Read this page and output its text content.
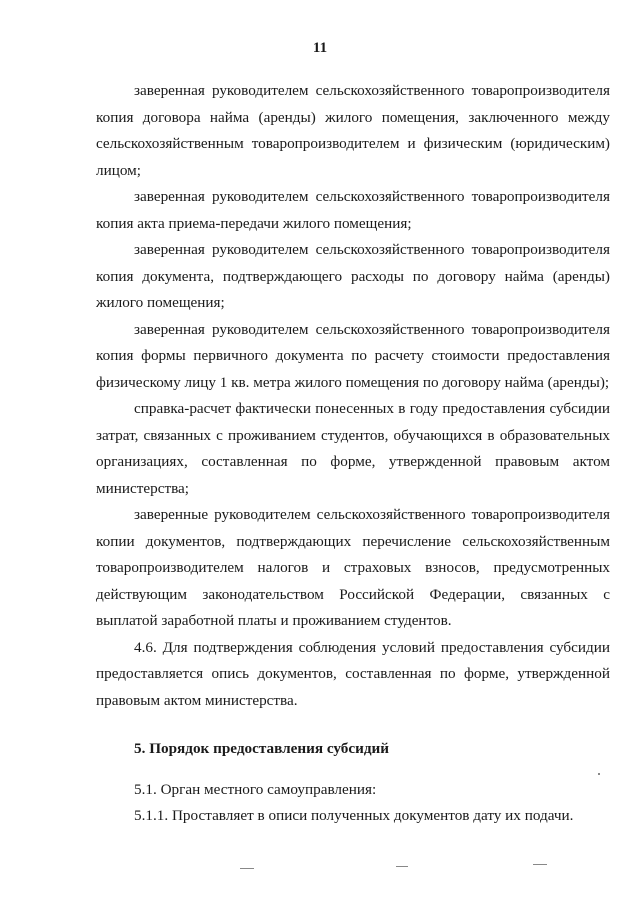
11

заверенная руководителем сельскохозяйственного товаропроизводителя копия договора найма (аренды) жилого помещения, заключенного между сельскохозяйственным товаропроизводителем и физическим (юридическим) лицом;

заверенная руководителем сельскохозяйственного товаропроизводителя копия акта приема-передачи жилого помещения;

заверенная руководителем сельскохозяйственного товаропроизводителя копия документа, подтверждающего расходы по договору найма (аренды) жилого помещения;

заверенная руководителем сельскохозяйственного товаропроизводителя копия формы первичного документа по расчету стоимости предоставления физическому лицу 1 кв. метра жилого помещения по договору найма (аренды);

справка-расчет фактически понесенных в году предоставления субсидии затрат, связанных с проживанием студентов, обучающихся в образовательных организациях, составленная по форме, утвержденной правовым актом министерства;

заверенные руководителем сельскохозяйственного товаропроизводителя копии документов, подтверждающих перечисление сельскохозяйственным товаропроизводителем налогов и страховых взносов, предусмотренных действующим законодательством Российской Федерации, связанных с выплатой заработной платы и проживанием студентов.

4.6. Для подтверждения соблюдения условий предоставления субсидии предоставляется опись документов, составленная по форме, утвержденной правовым актом министерства.

5. Порядок предоставления субсидий

5.1. Орган местного самоуправления:

5.1.1. Проставляет в описи полученных документов дату их подачи.
